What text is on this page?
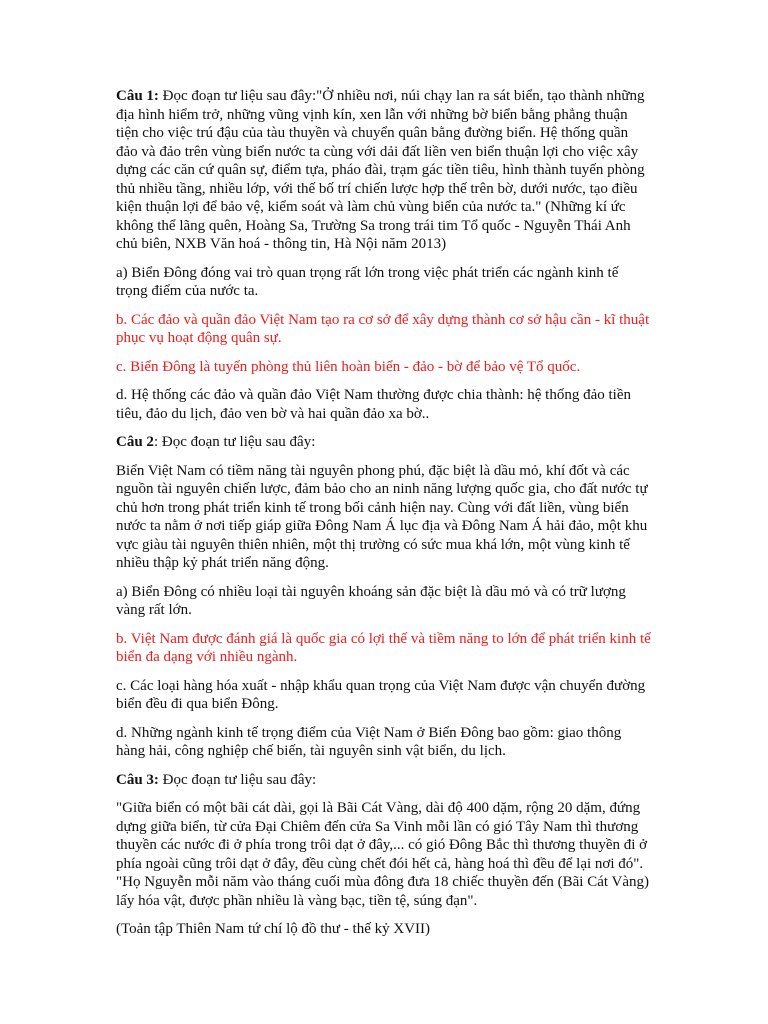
Câu 1: Đọc đoạn tư liệu sau đây:"Ở nhiều nơi, núi chạy lan ra sát biển, tạo thành những địa hình hiểm trở, những vũng vịnh kín, xen lẫn với những bờ biển bằng phẳng thuận tiện cho việc trú đậu của tàu thuyền và chuyển quân bằng đường biển. Hệ thống quần đảo và đảo trên vùng biển nước ta cùng với dải đất liền ven biển thuận lợi cho việc xây dựng các căn cứ quân sự, điểm tựa, pháo đài, trạm gác tiền tiêu, hình thành tuyến phòng thủ nhiều tầng, nhiều lớp, với thế bố trí chiến lược hợp thế trên bờ, dưới nước, tạo điều kiện thuận lợi để bảo vệ, kiểm soát và làm chủ vùng biển của nước ta." (Những kí ức không thể lãng quên, Hoàng Sa, Trường Sa trong trái tim Tổ quốc - Nguyễn Thái Anh chủ biên, NXB Văn hoá - thông tin, Hà Nội năm 2013)

a) Biển Đông đóng vai trò quan trọng rất lớn trong việc phát triển các ngành kinh tế trọng điểm của nước ta.

b. Các đảo và quần đảo Việt Nam tạo ra cơ sở để xây dựng thành cơ sở hậu cần - kĩ thuật phục vụ hoạt động quân sự.

c. Biển Đông là tuyến phòng thủ liên hoàn biển - đảo - bờ để bảo vệ Tổ quốc.

d. Hệ thống các đảo và quần đảo Việt Nam thường được chia thành: hệ thống đảo tiền tiêu, đảo du lịch, đảo ven bờ và hai quần đảo xa bờ..

Câu 2: Đọc đoạn tư liệu sau đây:

Biển Việt Nam có tiềm năng tài nguyên phong phú, đặc biệt là dầu mỏ, khí đốt và các nguồn tài nguyên chiến lược, đảm bảo cho an ninh năng lượng quốc gia, cho đất nước tự chủ hơn trong phát triển kinh tế trong bối cảnh hiện nay. Cùng với đất liền, vùng biển nước ta nằm ở nơi tiếp giáp giữa Đông Nam Á lục địa và Đông Nam Á hải đảo, một khu vực giàu tài nguyên thiên nhiên, một thị trường có sức mua khá lớn, một vùng kinh tế nhiều thập kỷ phát triển năng động.

a) Biển Đông có nhiều loại tài nguyên khoáng sản đặc biệt là dầu mỏ và có trữ lượng vàng rất lớn.

b. Việt Nam được đánh giá là quốc gia có lợi thế và tiềm năng to lớn để phát triển kinh tế biển đa dạng với nhiều ngành.

c. Các loại hàng hóa xuất - nhập khẩu quan trọng của Việt Nam được vận chuyển đường biển đều đi qua biển Đông.

d. Những ngành kinh tế trọng điểm của Việt Nam ở Biển Đông bao gồm: giao thông hàng hải, công nghiệp chế biến, tài nguyên sinh vật biển, du lịch.

Câu 3: Đọc đoạn tư liệu sau đây:

"Giữa biển có một bãi cát dài, gọi là Bãi Cát Vàng, dài độ 400 dặm, rộng 20 dặm, đứng dựng giữa biển, từ cửa Đại Chiêm đến cửa Sa Vinh mỗi lần có gió Tây Nam thì thương thuyền các nước đi ở phía trong trôi dạt ở đây,... có gió Đông Bắc thì thương thuyền đi ở phía ngoài cũng trôi dạt ở đây, đều cùng chết đói hết cả, hàng hoá thì đều để lại nơi đó". "Họ Nguyễn mỗi năm vào tháng cuối mùa đông đưa 18 chiếc thuyền đến (Bãi Cát Vàng) lấy hóa vật, được phần nhiều là vàng bạc, tiền tệ, súng đạn".

(Toản tập Thiên Nam tứ chí lộ đồ thư - thế kỷ XVII)
